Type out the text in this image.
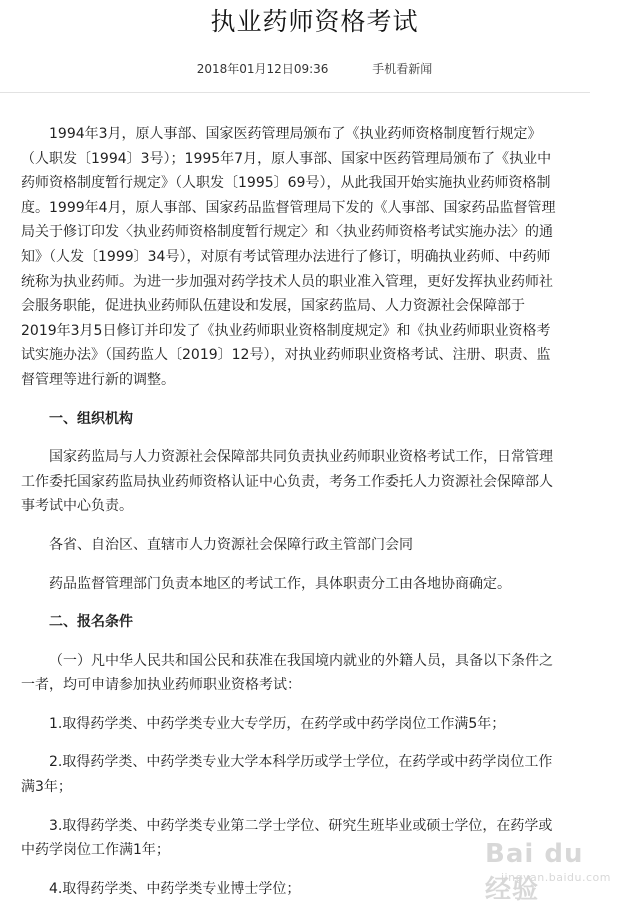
执业药师资格考试
2018年01月12日09:36	手机看新闻

1994年3月，原人事部、国家医药管理局颁布了《执业药师资格制度暂行规定》（人职发〔1994〕3号）；1995年7月，原人事部、国家中医药管理局颁布了《执业中药师资格制度暂行规定》（人职发〔1995〕69号），从此我国开始实施执业药师资格制度。1999年4月，原人事部、国家药品监督管理局下发的《人事部、国家药品监督管理局关于修订印发〈执业药师资格制度暂行规定〉和〈执业药师资格考试实施办法〉的通知》（人发〔1999〕34号），对原有考试管理办法进行了修订，明确执业药师、中药师统称为执业药师。为进一步加强对药学技术人员的职业准入管理，更好发挥执业药师社会服务职能，促进执业药师队伍建设和发展，国家药监局、人力资源社会保障部于2019年3月5日修订并印发了《执业药师职业资格制度规定》和《执业药师职业资格考试实施办法》（国药监人〔2019〕12号），对执业药师职业资格考试、注册、职责、监督管理等进行新的调整。

一、组织机构

国家药监局与人力资源社会保障部共同负责执业药师职业资格考试工作，日常管理工作委托国家药监局执业药师资格认证中心负责，考务工作委托人力资源社会保障部人事考试中心负责。

各省、自治区、直辖市人力资源社会保障行政主管部门会同

药品监督管理部门负责本地区的考试工作，具体职责分工由各地协商确定。

二、报名条件

（一）凡中华人民共和国公民和获准在我国境内就业的外籍人员，具备以下条件之一者，均可申请参加执业药师职业资格考试：

1.取得药学类、中药学类专业大专学历，在药学或中药学岗位工作满5年；

2.取得药学类、中药学类专业大学本科学历或学士学位，在药学或中药学岗位工作满3年；

3.取得药学类、中药学类专业第二学士学位、研究生班毕业或硕士学位，在药学或中药学岗位工作满1年；

4.取得药学类、中药学类专业博士学位；

Bai du 经验
jingyan.baidu.com
